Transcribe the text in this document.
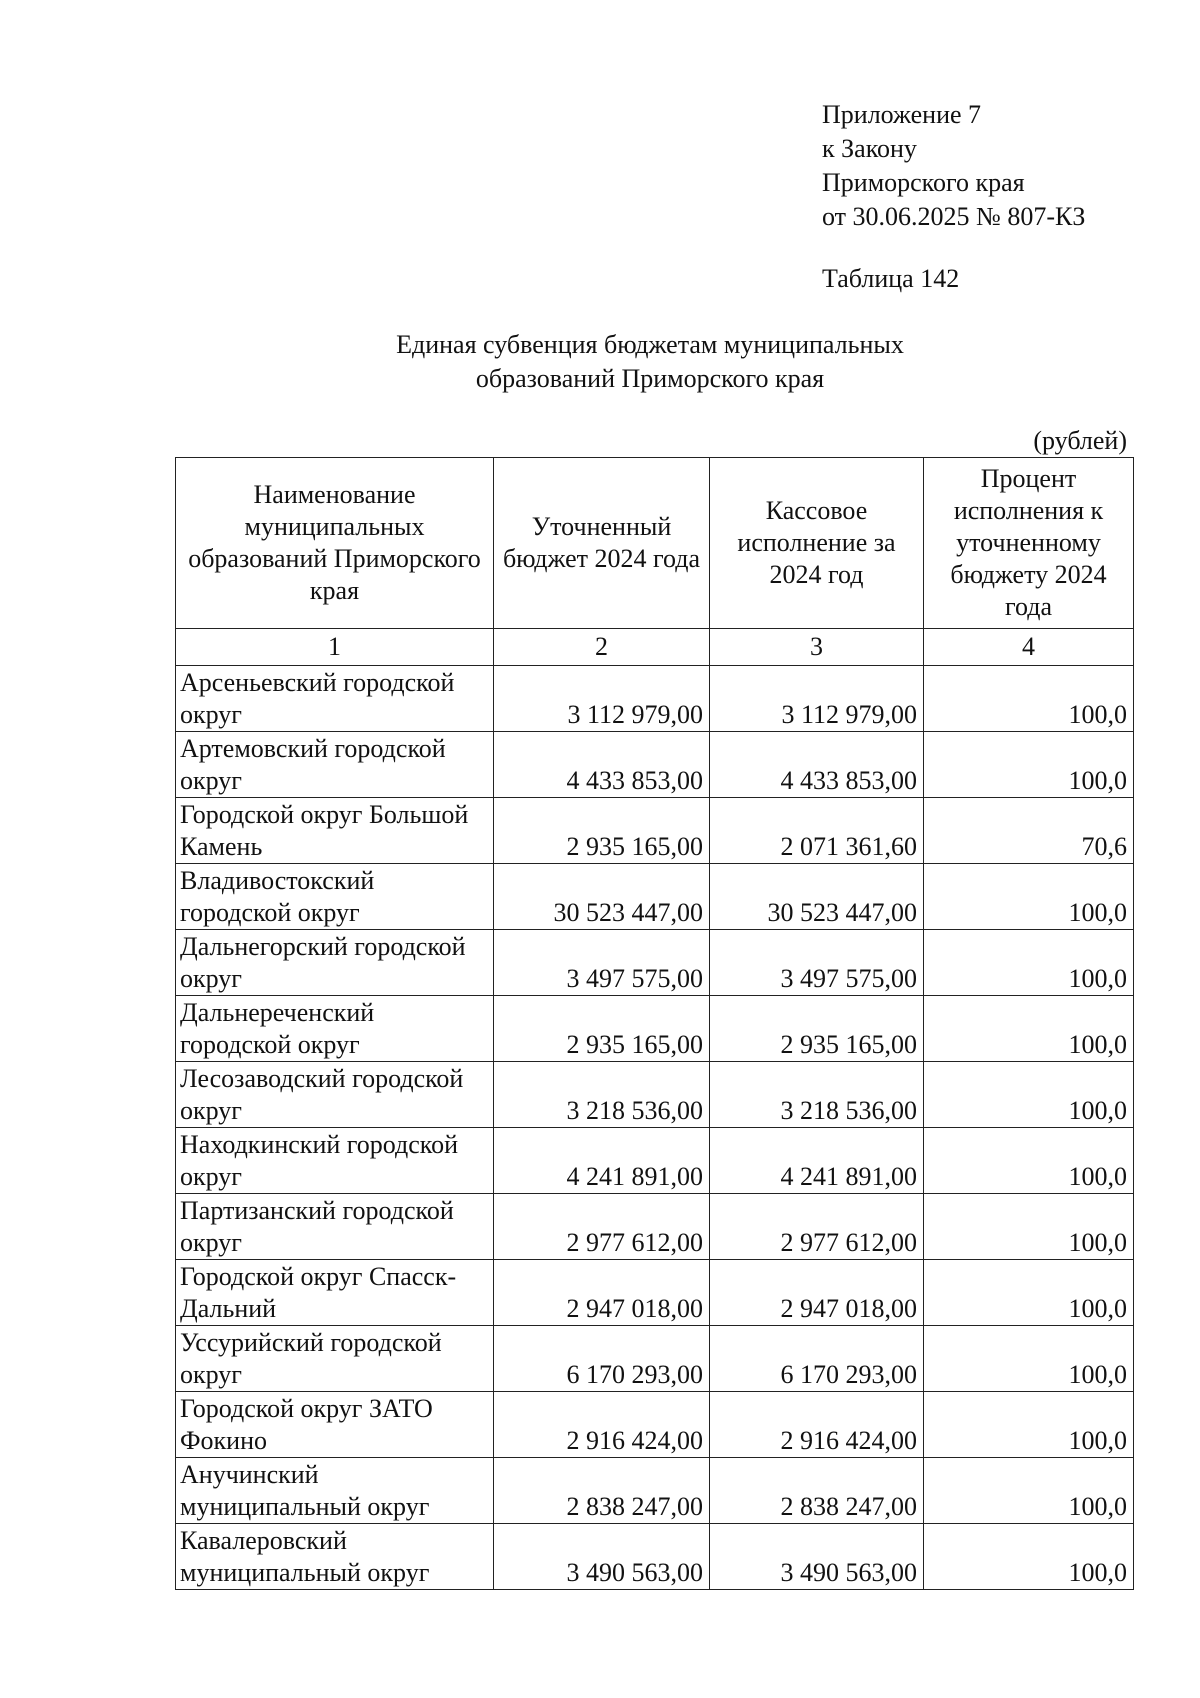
Приложение 7
к Закону
Приморского края
от 30.06.2025 № 807-КЗ
Таблица 142
Единая субвенция бюджетам муниципальных
образований Приморского края
(рублей)
Наименование муниципальных образований Приморского края	Уточненный бюджет 2024 года	Кассовое исполнение за 2024 год	Процент исполнения к уточненному бюджету 2024 года
1	2	3	4
Арсеньевский городской округ	3 112 979,00	3 112 979,00	100,0
Артемовский городской округ	4 433 853,00	4 433 853,00	100,0
Городской округ Большой Камень	2 935 165,00	2 071 361,60	70,6
Владивостокский городской округ	30 523 447,00	30 523 447,00	100,0
Дальнегорский городской округ	3 497 575,00	3 497 575,00	100,0
Дальнереченский городской округ	2 935 165,00	2 935 165,00	100,0
Лесозаводский городской округ	3 218 536,00	3 218 536,00	100,0
Находкинский городской округ	4 241 891,00	4 241 891,00	100,0
Партизанский городской округ	2 977 612,00	2 977 612,00	100,0
Городской округ Спасск-Дальний	2 947 018,00	2 947 018,00	100,0
Уссурийский городской округ	6 170 293,00	6 170 293,00	100,0
Городской округ ЗАТО Фокино	2 916 424,00	2 916 424,00	100,0
Анучинский муниципальный округ	2 838 247,00	2 838 247,00	100,0
Кавалеровский муниципальный округ	3 490 563,00	3 490 563,00	100,0
